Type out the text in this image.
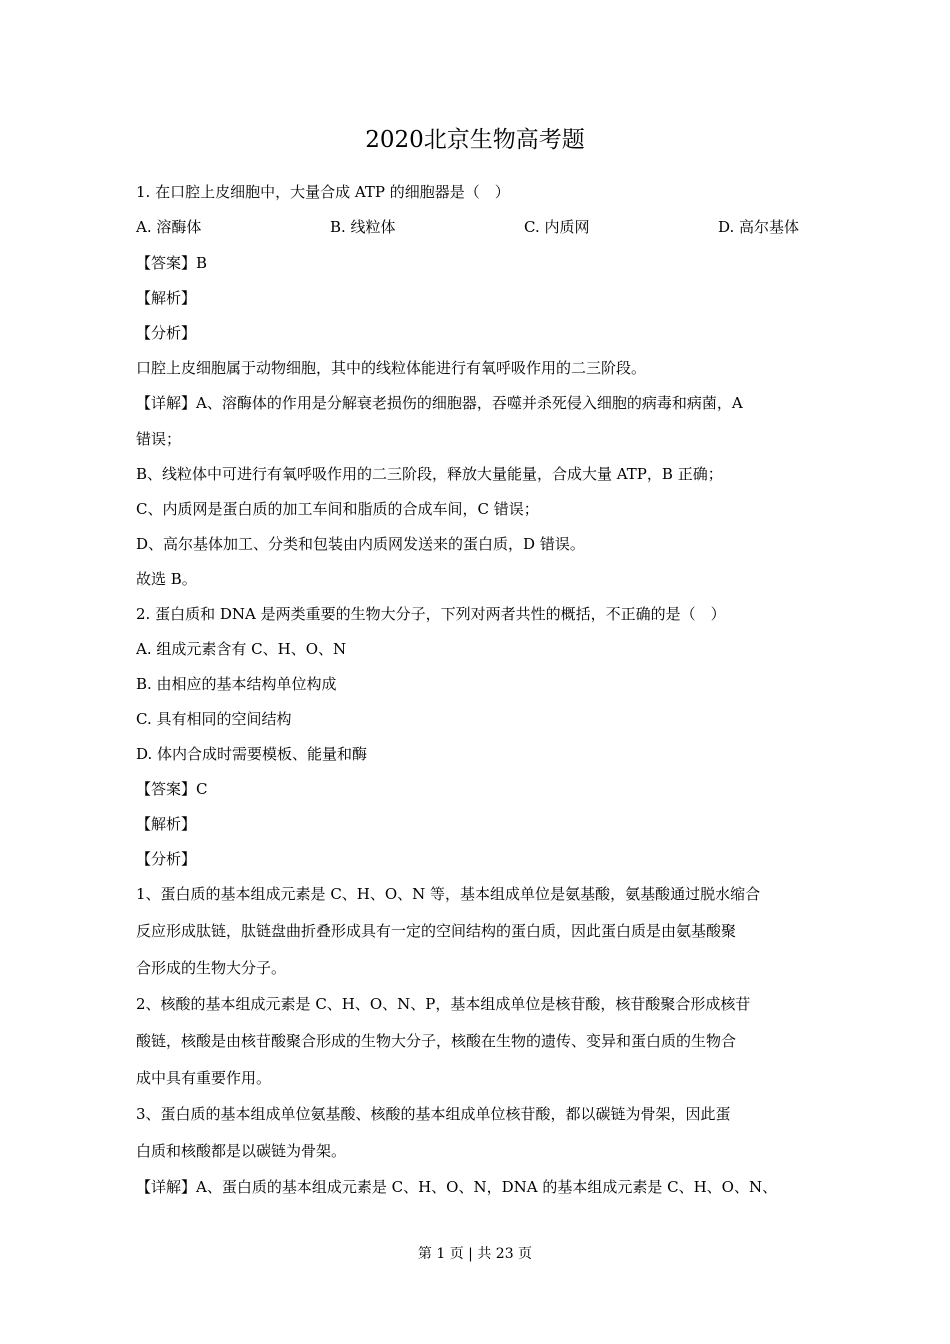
2020北京生物高考题
1. 在口腔上皮细胞中，大量合成 ATP 的细胞器是（　）
A. 溶酶体	B. 线粒体	C. 内质网	D. 高尔基体
【答案】B
【解析】
【分析】
口腔上皮细胞属于动物细胞，其中的线粒体能进行有氧呼吸作用的二三阶段。
【详解】A、溶酶体的作用是分解衰老损伤的细胞器，吞噬并杀死侵入细胞的病毒和病菌，A
错误；
B、线粒体中可进行有氧呼吸作用的二三阶段，释放大量能量，合成大量 ATP，B 正确；
C、内质网是蛋白质的加工车间和脂质的合成车间，C 错误；
D、高尔基体加工、分类和包装由内质网发送来的蛋白质，D 错误。
故选 B。
2. 蛋白质和 DNA 是两类重要的生物大分子，下列对两者共性的概括，不正确的是（　）
A. 组成元素含有 C、H、O、N
B. 由相应的基本结构单位构成
C. 具有相同的空间结构
D. 体内合成时需要模板、能量和酶
【答案】C
【解析】
【分析】
1、蛋白质的基本组成元素是 C、H、O、N 等，基本组成单位是氨基酸，氨基酸通过脱水缩合
反应形成肽链，肽链盘曲折叠形成具有一定的空间结构的蛋白质，因此蛋白质是由氨基酸聚
合形成的生物大分子。
2、核酸的基本组成元素是 C、H、O、N、P，基本组成单位是核苷酸，核苷酸聚合形成核苷
酸链，核酸是由核苷酸聚合形成的生物大分子，核酸在生物的遗传、变异和蛋白质的生物合
成中具有重要作用。
3、蛋白质的基本组成单位氨基酸、核酸的基本组成单位核苷酸，都以碳链为骨架，因此蛋
白质和核酸都是以碳链为骨架。
【详解】A、蛋白质的基本组成元素是 C、H、O、N，DNA 的基本组成元素是 C、H、O、N、
第 1 页 | 共 23 页
